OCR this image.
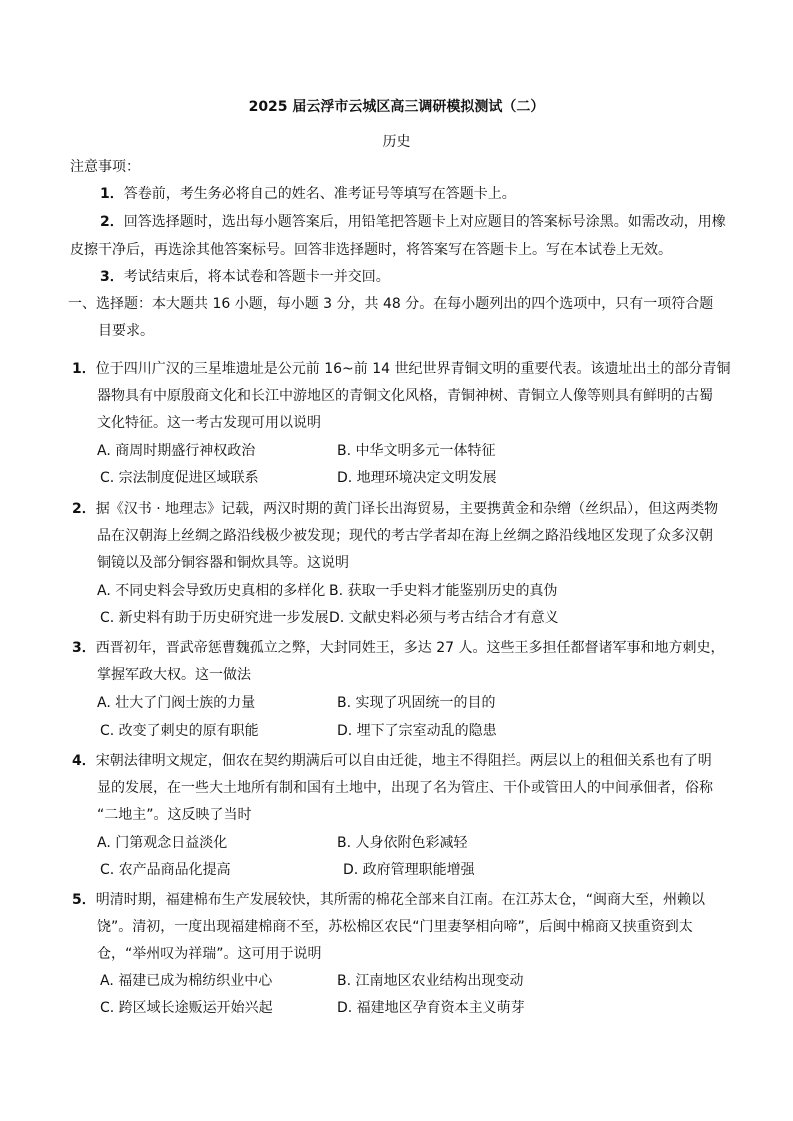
2025 届云浮市云城区高三调研模拟测试（二）
历史
注意事项：
1．答卷前，考生务必将自己的姓名、准考证号等填写在答题卡上。
2．回答选择题时，选出每小题答案后，用铅笔把答题卡上对应题目的答案标号涂黑。如需改动，用橡
皮擦干净后，再选涂其他答案标号。回答非选择题时，将答案写在答题卡上。写在本试卷上无效。
3．考试结束后，将本试卷和答题卡一并交回。
一、选择题：本大题共 16 小题，每小题 3 分，共 48 分。在每小题列出的四个选项中，只有一项符合题
目要求。
1．位于四川广汉的三星堆遗址是公元前 16~前 14 世纪世界青铜文明的重要代表。该遗址出土的部分青铜
器物具有中原殷商文化和长江中游地区的青铜文化风格，青铜神树、青铜立人像等则具有鲜明的古蜀
文化特征。这一考古发现可用以说明
A. 商周时期盛行神权政治	B. 中华文明多元一体特征
C. 宗法制度促进区域联系	D. 地理环境决定文明发展
2．据《汉书 · 地理志》记载，两汉时期的黄门译长出海贸易，主要携黄金和杂缯（丝织品），但这两类物
品在汉朝海上丝绸之路沿线极少被发现；现代的考古学者却在海上丝绸之路沿线地区发现了众多汉朝
铜镜以及部分铜容器和铜炊具等。这说明
A. 不同史料会导致历史真相的多样化 B. 获取一手史料才能鉴别历史的真伪
C. 新史料有助于历史研究进一步发展 D. 文献史料必须与考古结合才有意义
3．西晋初年，晋武帝惩曹魏孤立之弊，大封同姓王，多达 27 人。这些王多担任都督诸军事和地方刺史，
掌握军政大权。这一做法
A. 壮大了门阀士族的力量	B. 实现了巩固统一的目的
C. 改变了刺史的原有职能	D. 埋下了宗室动乱的隐患
4．宋朝法律明文规定，佃农在契约期满后可以自由迁徙，地主不得阻拦。两层以上的租佃关系也有了明
显的发展，在一些大土地所有制和国有土地中，出现了名为管庄、干仆或管田人的中间承佃者，俗称
“二地主”。这反映了当时
A. 门第观念日益淡化	B. 人身依附色彩减轻
C. 农产品商品化提高	D. 政府管理职能增强
5．明清时期，福建棉布生产发展较快，其所需的棉花全部来自江南。在江苏太仓，“闽商大至，州赖以
饶”。清初，一度出现福建棉商不至，苏松棉区农民“门里妻孥相向啼”，后闽中棉商又挟重资到太
仓，“举州叹为祥瑞”。这可用于说明
A. 福建已成为棉纺织业中心	B. 江南地区农业结构出现变动
C. 跨区域长途贩运开始兴起	D. 福建地区孕育资本主义萌芽
